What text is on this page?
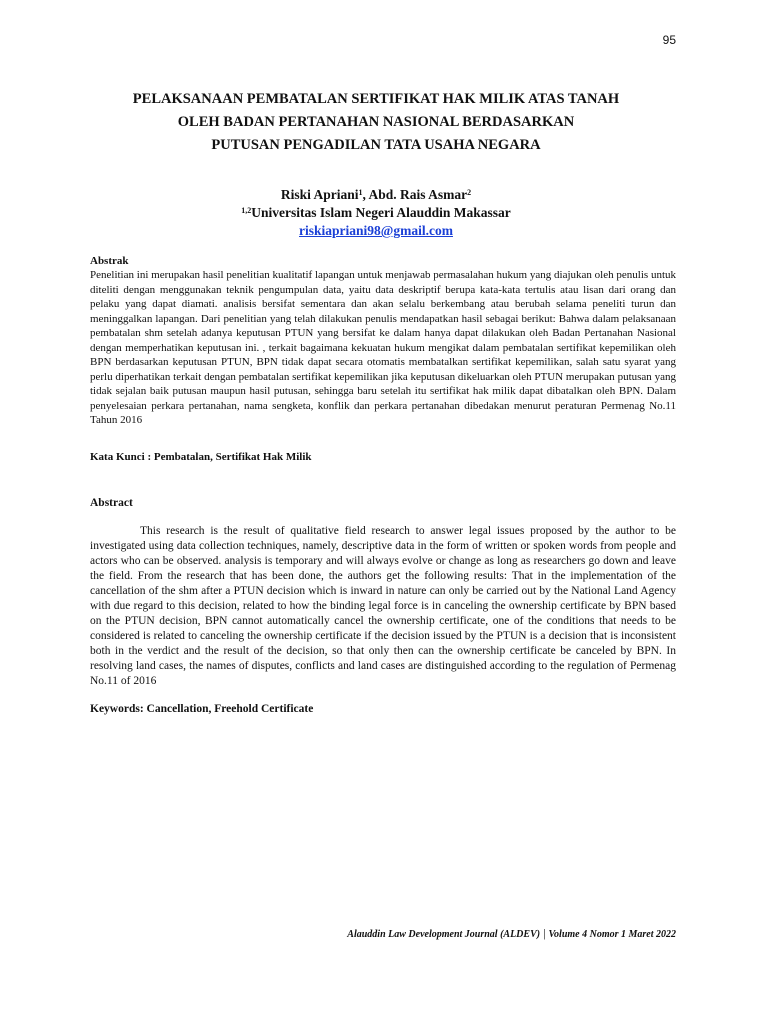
95
PELAKSANAAN PEMBATALAN SERTIFIKAT HAK MILIK ATAS TANAH
OLEH BADAN PERTANAHAN NASIONAL BERDASARKAN
PUTUSAN PENGADILAN TATA USAHA NEGARA
Riski Apriani$^1$, Abd. Rais Asmar$^2$
$^{1,2}$Universitas Islam Negeri Alauddin Makassar
riskiapriani98@gmail.com
Abstrak
Penelitian ini merupakan hasil penelitian kualitatif lapangan untuk menjawab permasalahan hukum yang diajukan oleh penulis untuk diteliti dengan menggunakan teknik pengumpulan data, yaitu data deskriptif berupa kata-kata tertulis atau lisan dari orang dan pelaku yang dapat diamati. analisis bersifat sementara dan akan selalu berkembang atau berubah selama peneliti turun dan meninggalkan lapangan. Dari penelitian yang telah dilakukan penulis mendapatkan hasil sebagai berikut: Bahwa dalam pelaksanaan pembatalan shm setelah adanya keputusan PTUN yang bersifat ke dalam hanya dapat dilakukan oleh Badan Pertanahan Nasional dengan memperhatikan keputusan ini. , terkait bagaimana kekuatan hukum mengikat dalam pembatalan sertifikat kepemilikan oleh BPN berdasarkan keputusan PTUN, BPN tidak dapat secara otomatis membatalkan sertifikat kepemilikan, salah satu syarat yang perlu diperhatikan terkait dengan pembatalan sertifikat kepemilikan jika keputusan dikeluarkan oleh PTUN merupakan putusan yang tidak sejalan baik putusan maupun hasil putusan, sehingga baru setelah itu sertifikat hak milik dapat dibatalkan oleh BPN. Dalam penyelesaian perkara pertanahan, nama sengketa, konflik dan perkara pertanahan dibedakan menurut peraturan Permenag No.11 Tahun 2016
Kata Kunci : Pembatalan, Sertifikat Hak Milik
Abstract
This research is the result of qualitative field research to answer legal issues proposed by the author to be investigated using data collection techniques, namely, descriptive data in the form of written or spoken words from people and actors who can be observed. analysis is temporary and will always evolve or change as long as researchers go down and leave the field. From the research that has been done, the authors get the following results: That in the implementation of the cancellation of the shm after a PTUN decision which is inward in nature can only be carried out by the National Land Agency with due regard to this decision, related to how the binding legal force is in canceling the ownership certificate by BPN based on the PTUN decision, BPN cannot automatically cancel the ownership certificate, one of the conditions that needs to be considered is related to canceling the ownership certificate if the decision issued by the PTUN is a decision that is inconsistent both in the verdict and the result of the decision, so that only then can the ownership certificate be canceled by BPN. In resolving land cases, the names of disputes, conflicts and land cases are distinguished according to the regulation of Permenag No.11 of 2016
Keywords: Cancellation, Freehold Certificate
Alauddin Law Development Journal (ALDEV) | Volume 4 Nomor 1 Maret 2022
